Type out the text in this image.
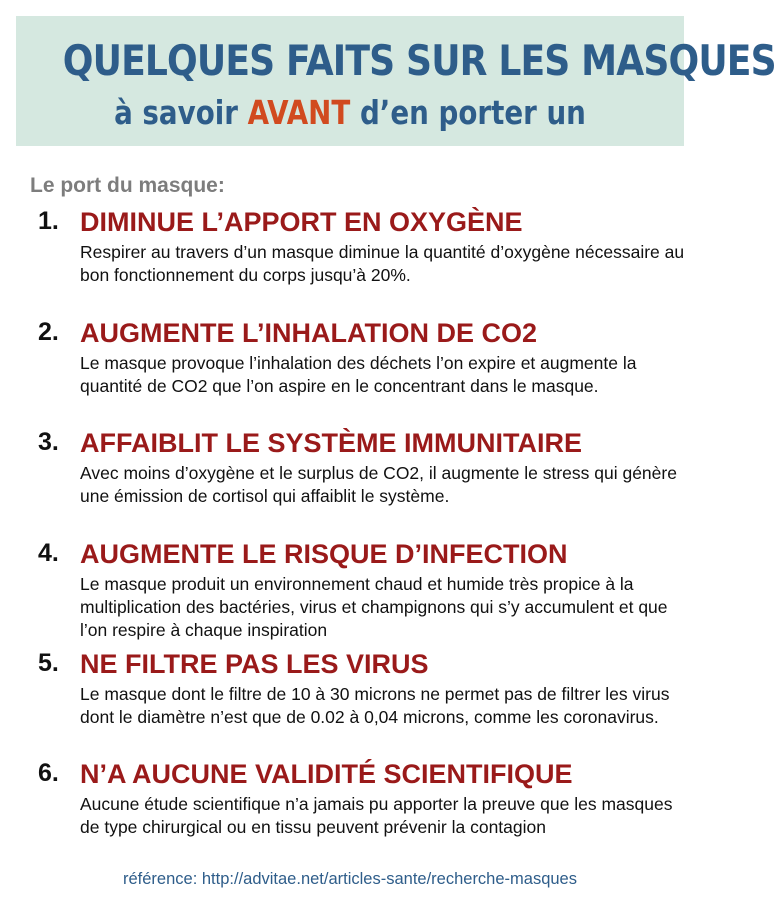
QUELQUES FAITS SUR LES MASQUES
à savoir AVANT d’en porter un
Le port du masque:
1. DIMINUE L’APPORT EN OXYGÈNE
Respirer au travers d’un masque diminue la quantité d’oxygène nécessaire au bon fonctionnement du corps jusqu’à 20%.
2. AUGMENTE L’INHALATION DE CO2
Le masque provoque l’inhalation des déchets l’on expire et augmente la quantité de CO2 que l’on aspire en le concentrant dans le masque.
3. AFFAIBLIT LE SYSTÈME IMMUNITAIRE
Avec moins d’oxygène et le surplus de CO2, il augmente le stress qui génère une émission de cortisol qui affaiblit le système.
4. AUGMENTE LE RISQUE D’INFECTION
Le masque produit un environnement chaud et humide très propice à la multiplication des bactéries, virus et champignons qui s’y accumulent et que l’on respire à chaque inspiration
5. NE FILTRE PAS LES VIRUS
Le masque dont le filtre de 10 à 30 microns ne permet pas de filtrer les virus dont le diamètre n’est que de 0.02 à 0,04 microns, comme les coronavirus.
6. N’A AUCUNE VALIDITÉ SCIENTIFIQUE
Aucune étude scientifique n’a jamais pu apporter la preuve que les masques de type chirurgical ou en tissu peuvent prévenir la contagion
référence: http://advitae.net/articles-sante/recherche-masques
